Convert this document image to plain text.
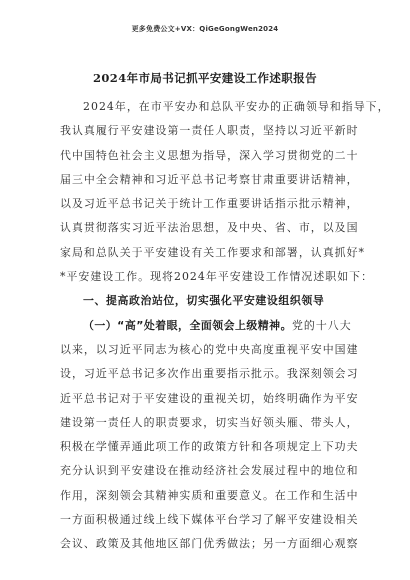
更多免费公文+VX：QiGeGongWen2024
2024年市局书记抓平安建设工作述职报告
2024年，在市平安办和总队平安办的正确领导和指导下，
我认真履行平安建设第一责任人职责，坚持以习近平新时
代中国特色社会主义思想为指导，深入学习贯彻党的二十
届三中全会精神和习近平总书记考察甘肃重要讲话精神，
以及习近平总书记关于统计工作重要讲话指示批示精神，
认真贯彻落实习近平法治思想，及中央、省、市，以及国
家局和总队关于平安建设有关工作要求和部署，认真抓好*
*平安建设工作。现将2024年平安建设工作情况述职如下：
一、提高政治站位，切实强化平安建设组织领导
（一）“高”处着眼，全面领会上级精神。党的十八大
以来，以习近平同志为核心的党中央高度重视平安中国建
设，习近平总书记多次作出重要指示批示。我深刻领会习
近平总书记对于平安建设的重视关切，始终明确作为平安
建设第一责任人的职责要求，切实当好领头雁、带头人，
积极在学懂弄通此项工作的政策方针和各项规定上下功夫
充分认识到平安建设在推动经济社会发展过程中的地位和
作用，深刻领会其精神实质和重要意义。在工作和生活中
一方面积极通过线上线下媒体平台学习了解平安建设相关
会议、政策及其他地区部门优秀做法；另一方面细心观察
